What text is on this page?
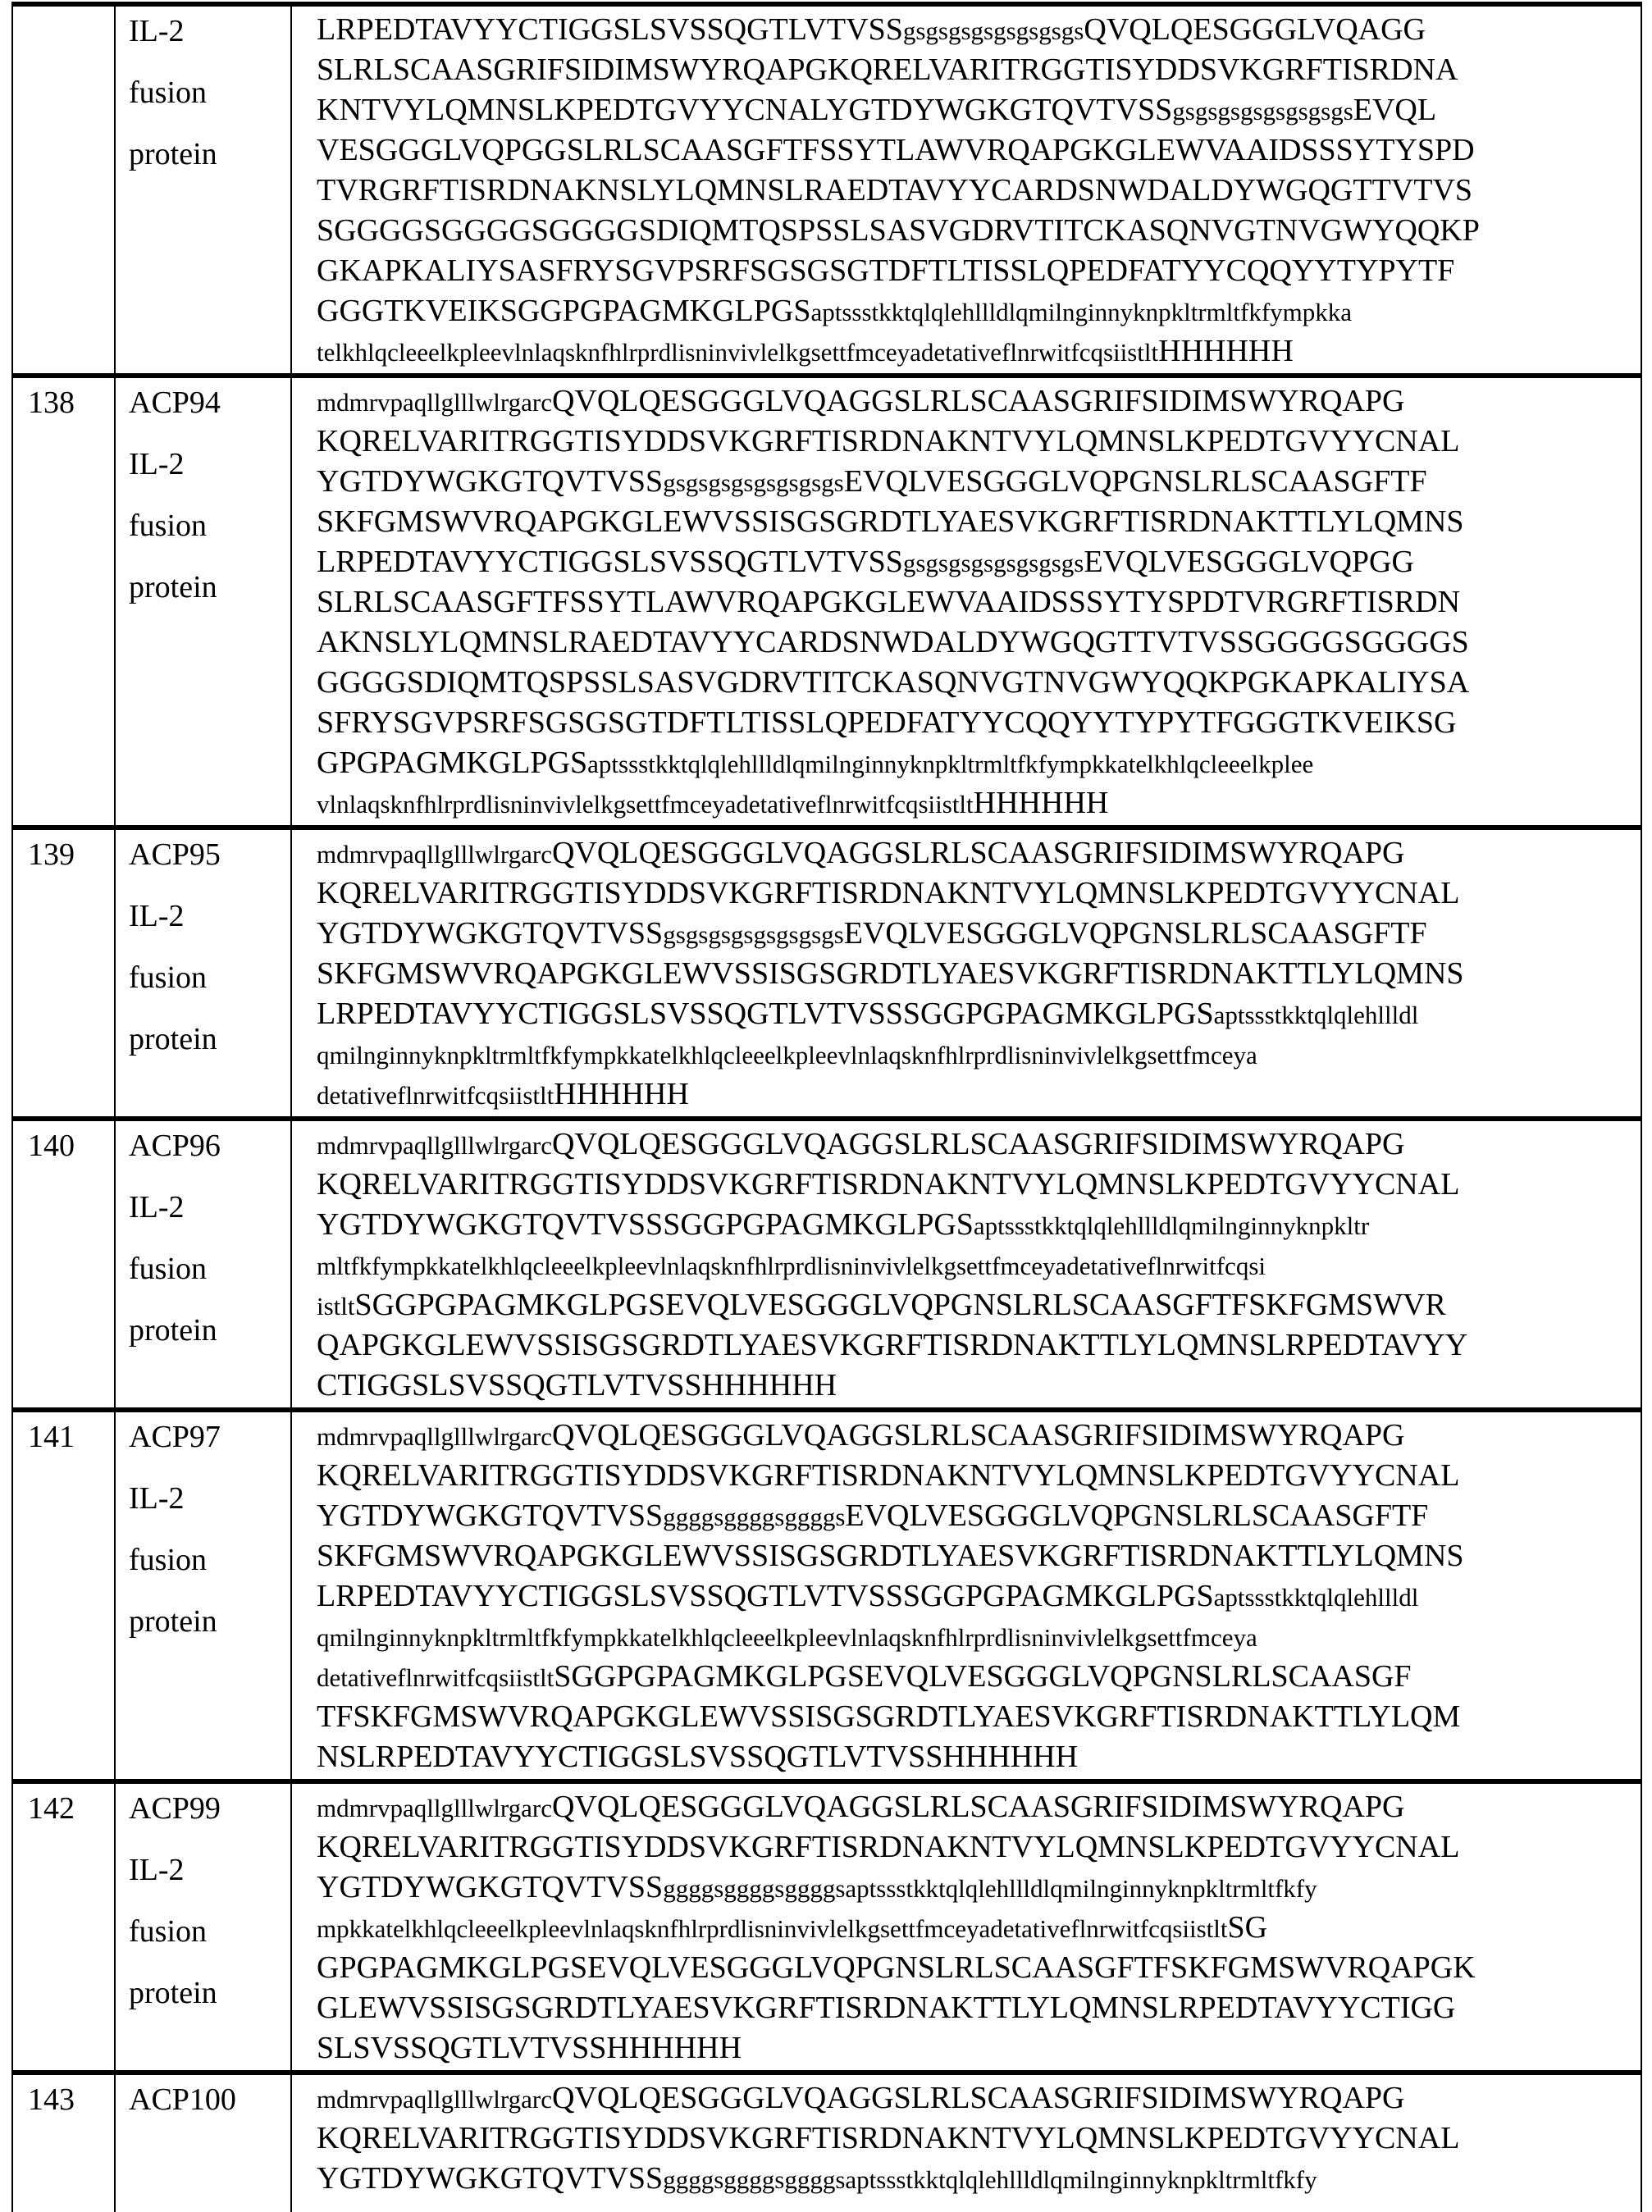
IL-2
fusion
protein

LRPEDTAVYYCTIGGSLSVSSQGTLVTVSSgsgsgsgsgsgsgsgsQVQLQESGGGLVQAGG
SLRLSCAASGRIFSIDIMSWYRQAPGKQRELVARITRGGTISYDDSVKGRFTISRDNA
KNTVYLQMNSLKPEDTGVYYCNALYGTDYWGKGTQVTVSSgsgsgsgsgsgsgsgsEVQL
VESGGGLVQPGGSLRLSCAASGFTFSSYTLAWVRQAPGKGLEWVAAIDSSSYTYSPD
TVRGRFTISRDNAKNSLYLQMNSLRAEDTAVYYCARDSNWDALDYWGQGTTVTVS
SGGGGSGGGGSGGGGSDIQMTQSPSSLSASVGDRVTITCKASQNVGTNVGWYQQKP
GKAPKALIYSASFRYSGVPSRFSGSGSGTDFTLTISSLQPEDFATYYCQQYYTYPYTF
GGGTKVEIKSGGPGPAGMKGLPGSaptssstkktqlqlehllldlqmilnginnyknpkltrmltfkfympkka
telkhlqcleeelkpleevlnlaqsknfhlrprdlisninvivlelkgsettfmceyadetativeflnrwitfcqsiistltHHHHHH

138	ACP94
IL-2
fusion
protein

mdmrvpaqllglllwlrgarcQVQLQESGGGLVQAGGSLRLSCAASGRIFSIDIMSWYRQAPG
KQRELVARITRGGTISYDDSVKGRFTISRDNAKNTVYLQMNSLKPEDTGVYYCNAL
YGTDYWGKGTQVTVSSgsgsgsgsgsgsgsgsEVQLVESGGGLVQPGNSLRLSCAASGFTF
SKFGMSWVRQAPGKGLEWVSSISGSGRDTLYAESVKGRFTISRDNAKTTLYLQMNS
LRPEDTAVYYCTIGGSLSVSSQGTLVTVSSgsgsgsgsgsgsgsgsEVQLVESGGGLVQPGG
SLRLSCAASGFTFSSYTLAWVRQAPGKGLEWVAAIDSSSYTYSPDTVRGRFTISRDN
AKNSLYLQMNSLRAEDTAVYYCARDSNWDALDYWGQGTTVTVSSGGGGSGGGGS
GGGGSDIQMTQSPSSLSASVGDRVTITCKASQNVGTNVGWYQQKPGKAPKALIYSA
SFRYSGVPSRFSGSGSGTDFTLTISSLQPEDFATYYCQQYYTYPYTFGGGTKVEIKSG
GPGPAGMKGLPGSaptssstkktqlqlehllldlqmilnginnyknpkltrmltfkfympkkatelkhlqcleeelkplee
vlnlaqsknfhlrprdlisninvivlelkgsettfmceyadetativeflnrwitfcqsiistltHHHHHH

139	ACP95
IL-2
fusion
protein

mdmrvpaqllglllwlrgarcQVQLQESGGGLVQAGGSLRLSCAASGRIFSIDIMSWYRQAPG
KQRELVARITRGGTISYDDSVKGRFTISRDNAKNTVYLQMNSLKPEDTGVYYCNAL
YGTDYWGKGTQVTVSSgsgsgsgsgsgsgsgsEVQLVESGGGLVQPGNSLRLSCAASGFTF
SKFGMSWVRQAPGKGLEWVSSISGSGRDTLYAESVKGRFTISRDNAKTTLYLQMNS
LRPEDTAVYYCTIGGSLSVSSQGTLVTVSSSGGPGPAGMKGLPGSaptssstkktqlqlehllldl
qmilnginnyknpkltrmltfkfympkkatelkhlqcleeelkpleevlnlaqsknfhlrprdlisninvivlelkgsettfmceya
detativeflnrwitfcqsiistltHHHHHH

140	ACP96
IL-2
fusion
protein

mdmrvpaqllglllwlrgarcQVQLQESGGGLVQAGGSLRLSCAASGRIFSIDIMSWYRQAPG
KQRELVARITRGGTISYDDSVKGRFTISRDNAKNTVYLQMNSLKPEDTGVYYCNAL
YGTDYWGKGTQVTVSSSGGPGPAGMKGLPGSaptssstkktqlqlehllldlqmilnginnyknpkltr
mltfkfympkkatelkhlqcleeelkpleevlnlaqsknfhlrprdlisninvivlelkgsettfmceyadetativeflnrwitfcqsi
istltSGGPGPAGMKGLPGSEVQLVESGGGLVQPGNSLRLSCAASGFTFSKFGMSWVR
QAPGKGLEWVSSISGSGRDTLYAESVKGRFTISRDNAKTTLYLQMNSLRPEDTAVYY
CTIGGSLSVSSQGTLVTVSSHHHHHH

141	ACP97
IL-2
fusion
protein

mdmrvpaqllglllwlrgarcQVQLQESGGGLVQAGGSLRLSCAASGRIFSIDIMSWYRQAPG
KQRELVARITRGGTISYDDSVKGRFTISRDNAKNTVYLQMNSLKPEDTGVYYCNAL
YGTDYWGKGTQVTVSSggggsggggsggggsEVQLVESGGGLVQPGNSLRLSCAASGFTF
SKFGMSWVRQAPGKGLEWVSSISGSGRDTLYAESVKGRFTISRDNAKTTLYLQMNS
LRPEDTAVYYCTIGGSLSVSSQGTLVTVSSSGGPGPAGMKGLPGSaptssstkktqlqlehllldl
qmilnginnyknpkltrmltfkfympkkatelkhlqcleeelkpleevlnlaqsknfhlrprdlisninvivlelkgsettfmceya
detativeflnrwitfcqsiistltSGGPGPAGMKGLPGSEVQLVESGGGLVQPGNSLRLSCAASGF
TFSKFGMSWVRQAPGKGLEWVSSISGSGRDTLYAESVKGRFTISRDNAKTTLYLQM
NSLRPEDTAVYYCTIGGSLSVSSQGTLVTVSSHHHHHH

142	ACP99
IL-2
fusion
protein

mdmrvpaqllglllwlrgarcQVQLQESGGGLVQAGGSLRLSCAASGRIFSIDIMSWYRQAPG
KQRELVARITRGGTISYDDSVKGRFTISRDNAKNTVYLQMNSLKPEDTGVYYCNAL
YGTDYWGKGTQVTVSSggggsggggsggggsaptssstkktqlqlehllldlqmilnginnyknpkltrmltfkfy
mpkkatelkhlqcleeelkpleevlnlaqsknfhlrprdlisninvivlelkgsettfmceyadetativeflnrwitfcqsiistltSG
GPGPAGMKGLPGSEVQLVESGGGLVQPGNSLRLSCAASGFTFSKFGMSWVRQAPGK
GLEWVSSISGSGRDTLYAESVKGRFTISRDNAKTTLYLQMNSLRPEDTAVYYCTIGG
SLSVSSQGTLVTVSSHHHHHH

143	ACP100	mdmrvpaqllglllwlrgarcQVQLQESGGGLVQAGGSLRLSCAASGRIFSIDIMSWYRQAPG
KQRELVARITRGGTISYDDSVKGRFTISRDNAKNTVYLQMNSLKPEDTGVYYCNAL
YGTDYWGKGTQVTVSSggggsggggsggggsaptssstkktqlqlehllldlqmilnginnyknpkltrmltfkfy
